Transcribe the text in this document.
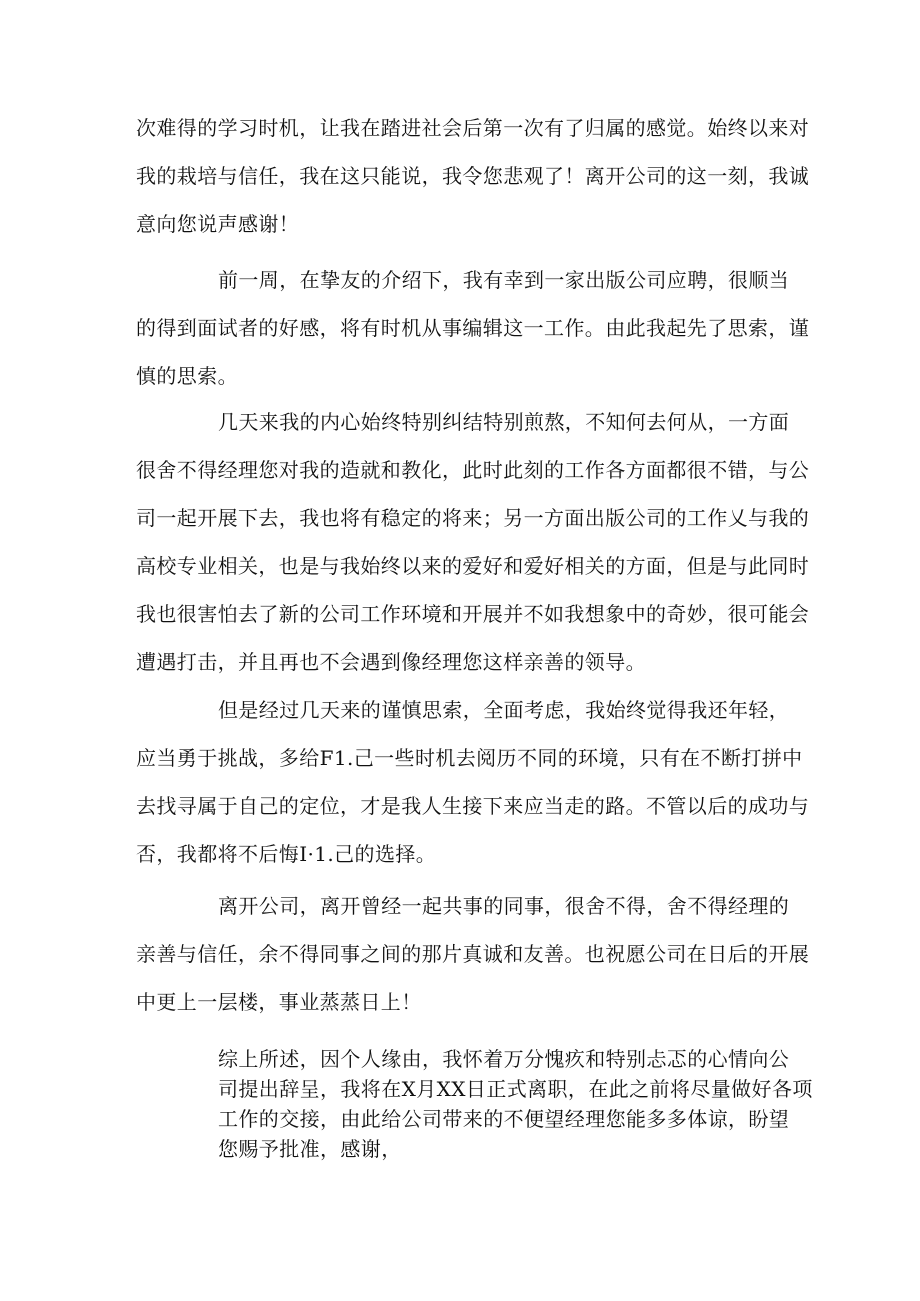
次难得的学习时机，让我在踏进社会后第一次有了归属的感觉。始终以来对
我的栽培与信任，我在这只能说，我令您悲观了！离开公司的这一刻，我诚
意向您说声感谢！
前一周，在挚友的介绍下，我有幸到一家出版公司应聘，很顺当
的得到面试者的好感，将有时机从事编辑这一工作。由此我起先了思索，谨
慎的思索。
几天来我的内心始终特别纠结特别煎熬，不知何去何从，一方面
很舍不得经理您对我的造就和教化，此时此刻的工作各方面都很不错，与公
司一起开展下去，我也将有稳定的将来；另一方面出版公司的工作乂与我的
高校专业相关，也是与我始终以来的爱好和爱好相关的方面，但是与此同时
我也很害怕去了新的公司工作环境和开展并不如我想象中的奇妙，很可能会
遭遇打击，并且再也不会遇到像经理您这样亲善的领导。
但是经过几天来的谨慎思索，全面考虑，我始终觉得我还年轻，
应当勇于挑战，多给F1.己一些时机去阅历不同的环境，只有在不断打拼中
去找寻属于自己的定位，才是我人生接下来应当走的路。不管以后的成功与
否，我都将不后悔I·1.己的选择。
离开公司，离开曾经一起共事的同事，很舍不得，舍不得经理的
亲善与信任，余不得同事之间的那片真诚和友善。也祝愿公司在日后的开展
中更上一层楼，事业蒸蒸日上！
综上所述，因个人缘由，我怀着万分愧疚和特别忐忑的心情向公
司提出辞呈，我将在X月XX日正式离职，在此之前将尽量做好各项
工作的交接，由此给公司带来的不便望经理您能多多体谅，盼望
您赐予批准，感谢，
